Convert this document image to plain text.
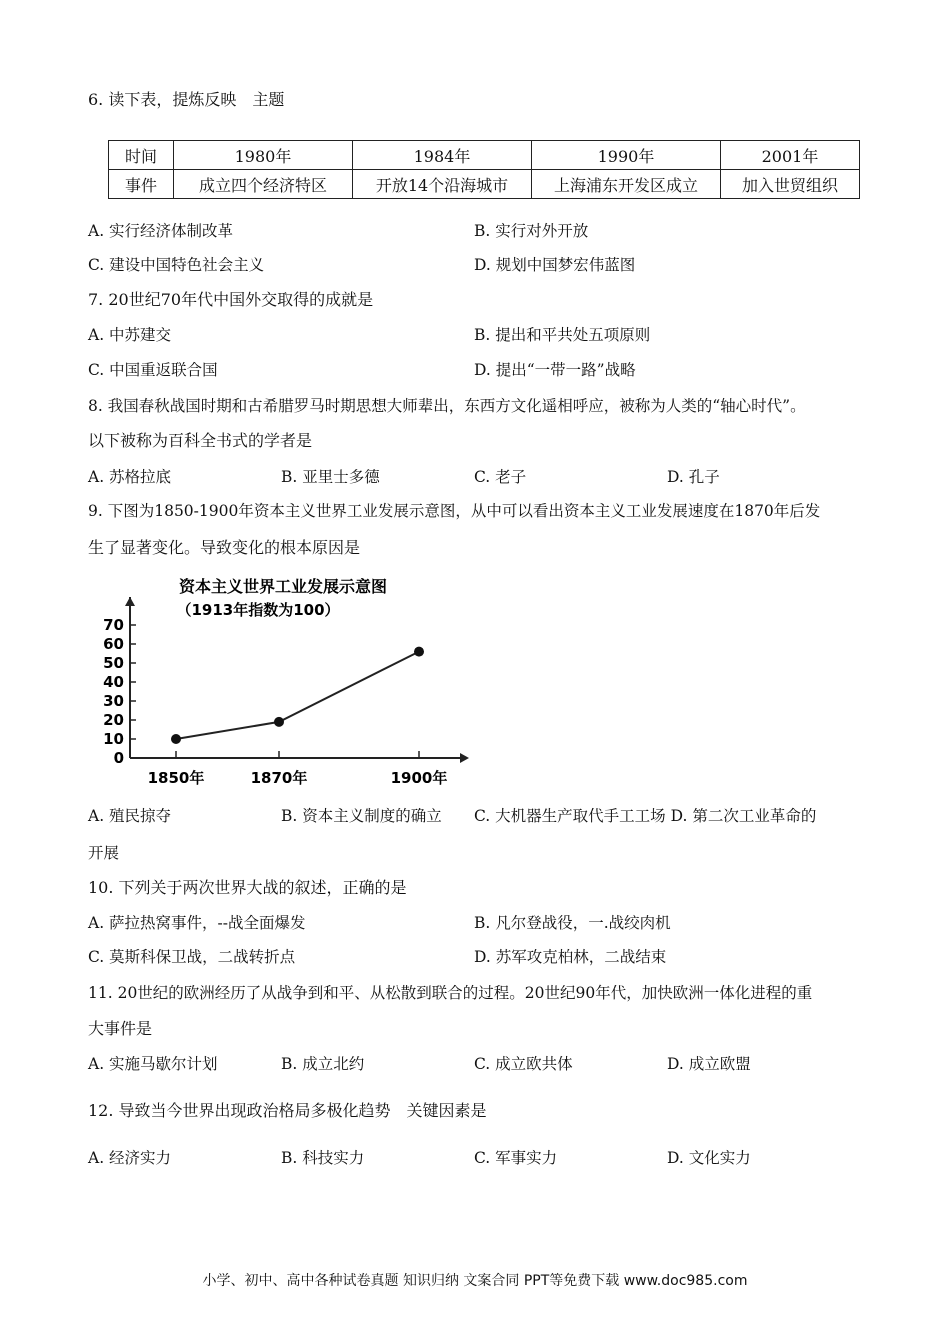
6. 读下表，提炼反映　主题
时间	1980年	1984年	1990年	2001年
事件	成立四个经济特区	开放14个沿海城市	上海浦东开发区成立	加入世贸组织
A. 实行经济体制改革	B. 实行对外开放
C. 建设中国特色社会主义	D. 规划中国梦宏伟蓝图
7. 20世纪70年代中国外交取得的成就是
A. 中苏建交	B. 提出和平共处五项原则
C. 中国重返联合国	D. 提出“一带一路”战略
8. 我国春秋战国时期和古希腊罗马时期思想大师辈出，东西方文化遥相呼应，被称为人类的“轴心时代”。
以下被称为百科全书式的学者是
A. 苏格拉底	B. 亚里士多德	C. 老子	D. 孔子
9. 下图为1850-1900年资本主义世界工业发展示意图，从中可以看出资本主义工业发展速度在1870年后发
生了显著变化。导致变化的根本原因是
资本主义世界工业发展示意图
（1913年指数为100）
0
10
20
30
40
50
60
70
1850年	1870年	1900年
A. 殖民掠夺	B. 资本主义制度的确立 C. 大机器生产取代手工工场 D. 第二次工业革命的
开展
10. 下列关于两次世界大战的叙述，正确的是
A. 萨拉热窝事件，--战全面爆发	B. 凡尔登战役，一.战绞肉机
C. 莫斯科保卫战，二战转折点	D. 苏军攻克柏林，二战结束
11. 20世纪的欧洲经历了从战争到和平、从松散到联合的过程。20世纪90年代，加快欧洲一体化进程的重
大事件是
A. 实施马歇尔计划	B. 成立北约	C. 成立欧共体	D. 成立欧盟
12. 导致当今世界出现政治格局多极化趋势　关键因素是
A. 经济实力	B. 科技实力	C. 军事实力	D. 文化实力
小学、初中、高中各种试卷真题 知识归纳 文案合同 PPT等免费下载 www.doc985.com
